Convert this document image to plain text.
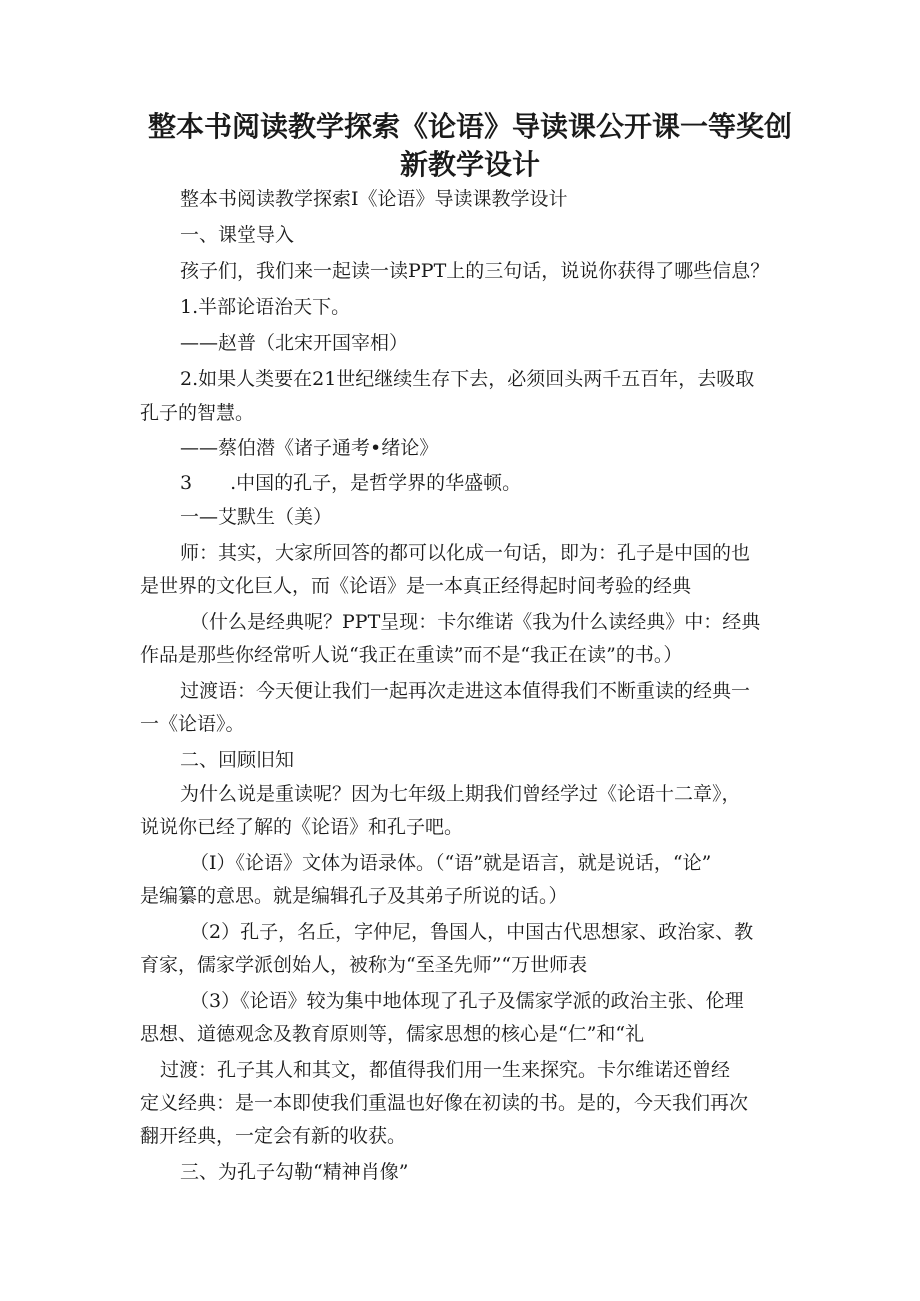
整本书阅读教学探索《论语》导读课公开课一等奖创新教学设计

整本书阅读教学探索I《论语》导读课教学设计

一、课堂导入

孩子们，我们来一起读一读PPT上的三句话，说说你获得了哪些信息？

1.半部论语治天下。

——赵普（北宋开国宰相）

2.如果人类要在21世纪继续生存下去，必须回头两千五百年，去吸取

孔子的智慧。

——蔡伯潜《诸子通考•绪论》

3　　.中国的孔子，是哲学界的华盛顿。

一—艾默生（美）

师：其实，大家所回答的都可以化成一句话，即为：孔子是中国的也

是世界的文化巨人，而《论语》是一本真正经得起时间考验的经典

（什么是经典呢？PPT呈现：卡尔维诺《我为什么读经典》中：经典

作品是那些你经常听人说“我正在重读”而不是“我正在读”的书。）

过渡语：今天便让我们一起再次走进这本值得我们不断重读的经典一

一《论语》。

二、回顾旧知

为什么说是重读呢？因为七年级上期我们曾经学过《论语十二章》，

说说你已经了解的《论语》和孔子吧。

（I）《论语》文体为语录体。（“语”就是语言，就是说话，“论”

是编纂的意思。就是编辑孔子及其弟子所说的话。）

（2）孔子，名丘，字仲尼，鲁国人，中国古代思想家、政治家、教

育家，儒家学派创始人，被称为“至圣先师”“万世师表

（3）《论语》较为集中地体现了孔子及儒家学派的政治主张、伦理

思想、道德观念及教育原则等，儒家思想的核心是“仁”和“礼

过渡：孔子其人和其文，都值得我们用一生来探究。卡尔维诺还曾经

定义经典：是一本即使我们重温也好像在初读的书。是的，今天我们再次

翻开经典，一定会有新的收获。

三、为孔子勾勒“精神肖像”
